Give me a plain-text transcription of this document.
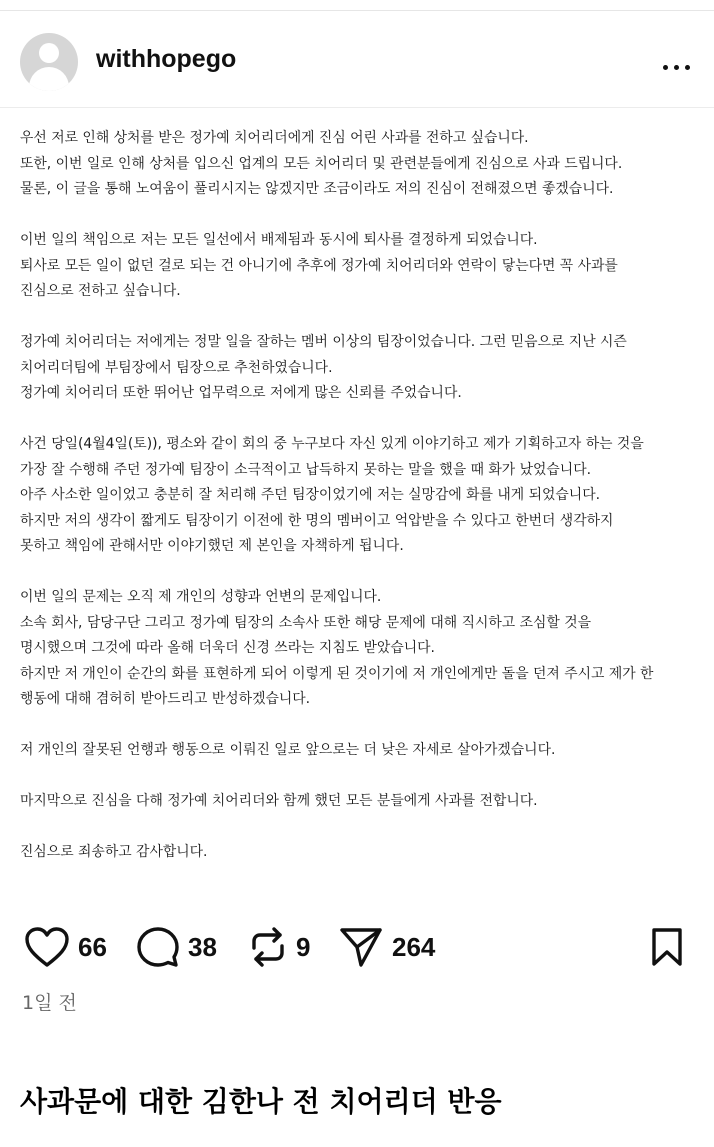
withhopego
우선 저로 인해 상처를 받은 정가예 치어리더에게 진심 어린 사과를 전하고 싶습니다.
또한, 이번 일로 인해 상처를 입으신 업계의 모든 치어리더 및 관련분들에게 진심으로 사과 드립니다.
물론, 이 글을 통해 노여움이 풀리시지는 않겠지만 조금이라도 저의 진심이 전해졌으면 좋겠습니다.
이번 일의 책임으로 저는 모든 일선에서 배제됨과 동시에 퇴사를 결정하게 되었습니다.
퇴사로 모든 일이 없던 걸로 되는 건 아니기에 추후에 정가예 치어리더와 연락이 닿는다면 꼭 사과를
진심으로 전하고 싶습니다.
정가예 치어리더는 저에게는 정말 일을 잘하는 멤버 이상의 팀장이었습니다. 그런 믿음으로 지난 시즌
치어리더팀에 부팀장에서 팀장으로 추천하였습니다.
정가예 치어리더 또한 뛰어난 업무력으로 저에게 많은 신뢰를 주었습니다.
사건 당일(4월4일(토)), 평소와 같이 회의 중 누구보다 자신 있게 이야기하고 제가 기획하고자 하는 것을
가장 잘 수행해 주던 정가예 팀장이 소극적이고 납득하지 못하는 말을 했을 때 화가 났었습니다.
아주 사소한 일이었고 충분히 잘 처리해 주던 팀장이었기에 저는 실망감에 화를 내게 되었습니다.
하지만 저의 생각이 짧게도 팀장이기 이전에 한 명의 멤버이고 억압받을 수 있다고 한번더 생각하지
못하고 책임에 관해서만 이야기했던 제 본인을 자책하게 됩니다.
이번 일의 문제는 오직 제 개인의 성향과 언변의 문제입니다.
소속 회사, 담당구단 그리고 정가예 팀장의 소속사 또한 해당 문제에 대해 직시하고 조심할 것을
명시했으며 그것에 따라 올해 더욱더 신경 쓰라는 지침도 받았습니다.
하지만 저 개인이 순간의 화를 표현하게 되어 이렇게 된 것이기에 저 개인에게만 돌을 던져 주시고 제가 한
행동에 대해 겸허히 받아드리고 반성하겠습니다.
저 개인의 잘못된 언행과 행동으로 이뤄진 일로 앞으로는 더 낮은 자세로 살아가겠습니다.
마지막으로 진심을 다해 정가예 치어리더와 함께 했던 모든 분들에게 사과를 전합니다.
진심으로 죄송하고 감사합니다.
66	38	9	264
1일 전
사과문에 대한 김한나 전 치어리더 반응
